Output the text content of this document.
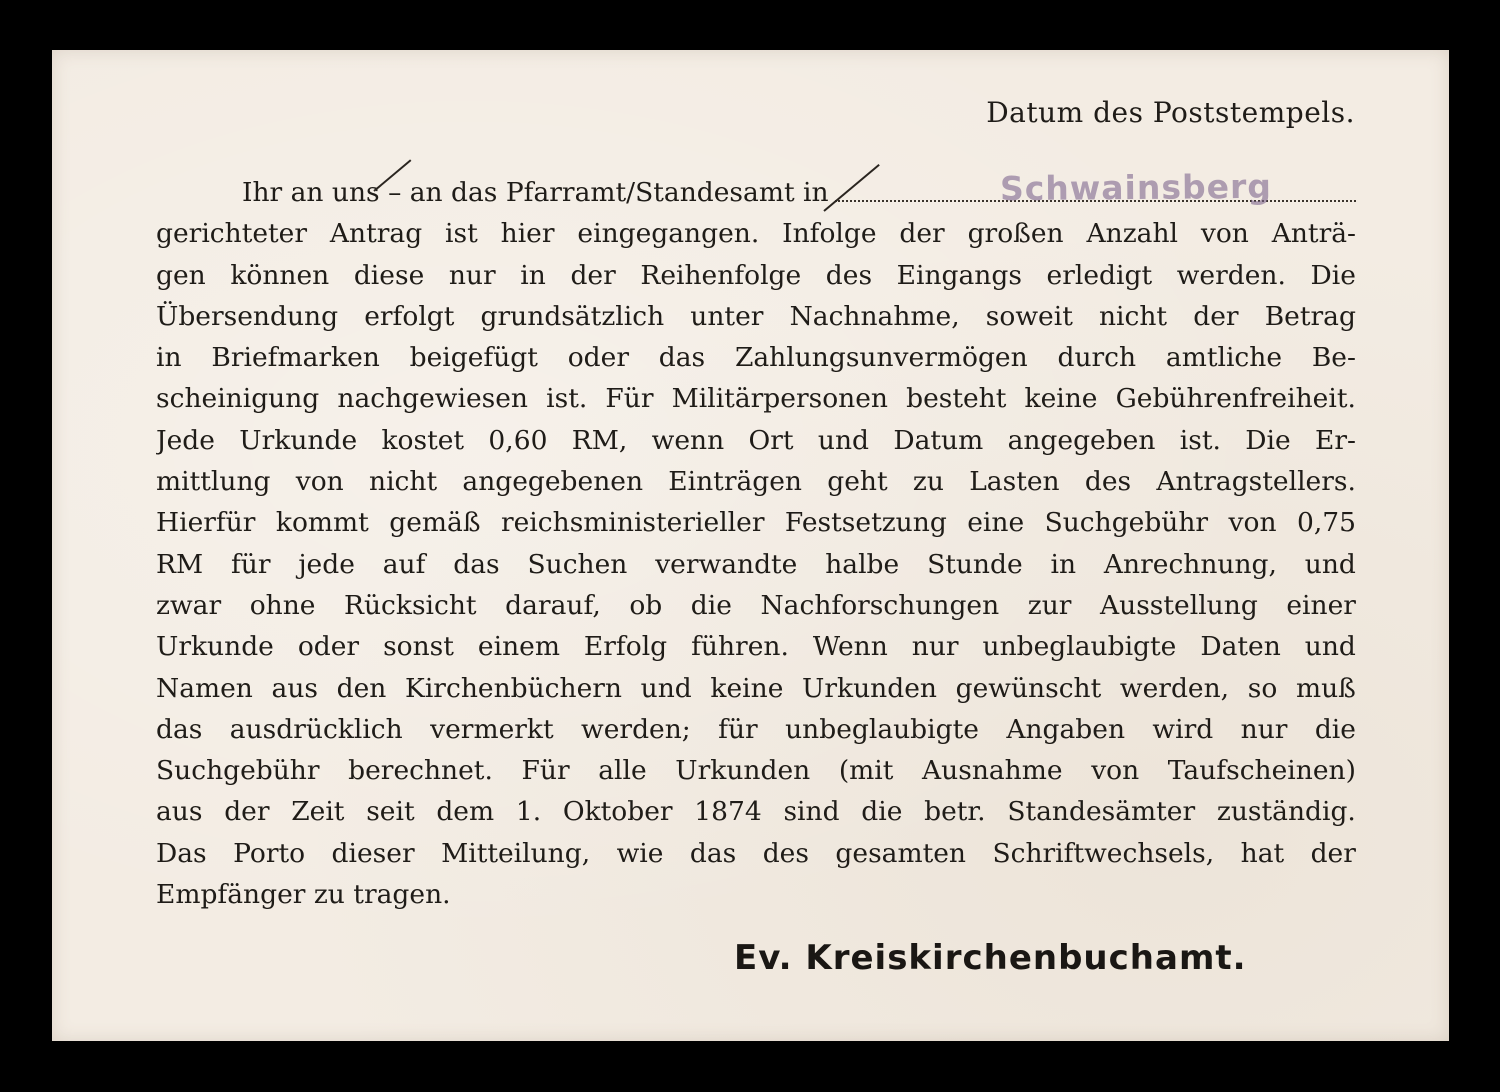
Datum des Poststempels.
Ihr an uns – an das Pfarramt/Standesamt in
gerichteter Antrag ist hier eingegangen. Infolge der großen Anzahl von Anträ-
gen können diese nur in der Reihenfolge des Eingangs erledigt werden. Die
Übersendung erfolgt grundsätzlich unter Nachnahme, soweit nicht der Betrag
in Briefmarken beigefügt oder das Zahlungsunvermögen durch amtliche Be-
scheinigung nachgewiesen ist. Für Militärpersonen besteht keine Gebührenfreiheit.
Jede Urkunde kostet 0,60 RM, wenn Ort und Datum angegeben ist. Die Er-
mittlung von nicht angegebenen Einträgen geht zu Lasten des Antragstellers.
Hierfür kommt gemäß reichsministerieller Festsetzung eine Suchgebühr von 0,75
RM für jede auf das Suchen verwandte halbe Stunde in Anrechnung, und
zwar ohne Rücksicht darauf, ob die Nachforschungen zur Ausstellung einer
Urkunde oder sonst einem Erfolg führen. Wenn nur unbeglaubigte Daten und
Namen aus den Kirchenbüchern und keine Urkunden gewünscht werden, so muß
das ausdrücklich vermerkt werden; für unbeglaubigte Angaben wird nur die
Suchgebühr berechnet. Für alle Urkunden (mit Ausnahme von Taufscheinen)
aus der Zeit seit dem 1. Oktober 1874 sind die betr. Standesämter zuständig.
Das Porto dieser Mitteilung, wie das des gesamten Schriftwechsels, hat der
Empfänger zu tragen.
Schwainsberg
Ev. Kreiskirchenbuchamt.
